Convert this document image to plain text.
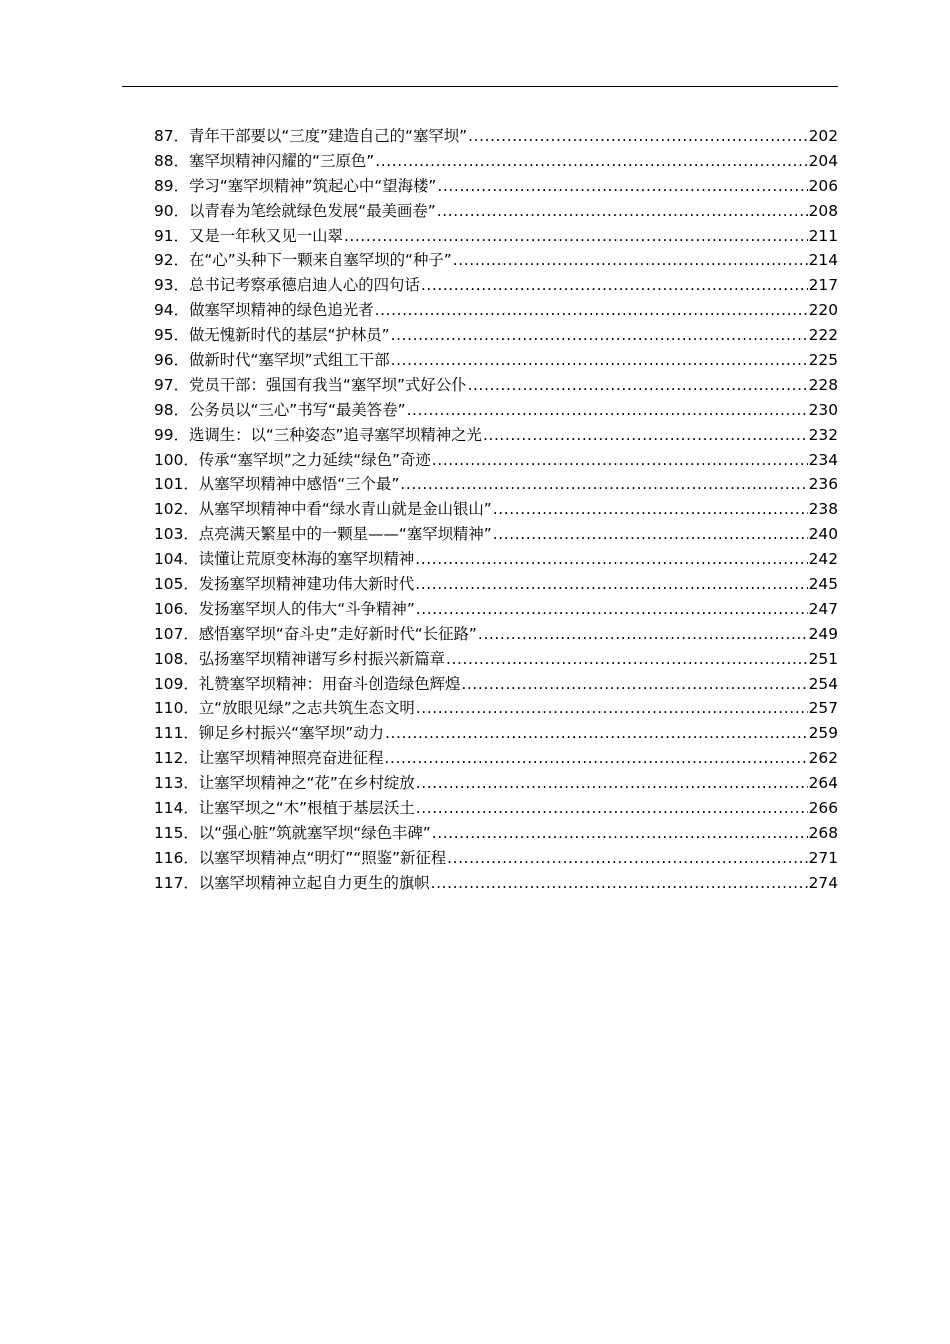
87．青年干部要以“三度”建造自己的“塞罕坝” .....	202
88．塞罕坝精神闪耀的“三原色” .....	204
89．学习“塞罕坝精神”筑起心中“望海楼” .....	206
90．以青春为笔绘就绿色发展“最美画卷” .....	208
91．又是一年秋又见一山翠 .....	211
92．在“心”头种下一颗来自塞罕坝的“种子” .....	214
93．总书记考察承德启迪人心的四句话 .....	217
94．做塞罕坝精神的绿色追光者 .....	220
95．做无愧新时代的基层“护林员” .....	222
96．做新时代“塞罕坝”式组工干部 .....	225
97．党员干部：强国有我当“塞罕坝”式好公仆 .....	228
98．公务员以“三心”书写“最美答卷” .....	230
99．选调生：以“三种姿态”追寻塞罕坝精神之光 .....	232
100．传承“塞罕坝”之力延续“绿色”奇迹 .....	234
101．从塞罕坝精神中感悟“三个最” .....	236
102．从塞罕坝精神中看“绿水青山就是金山银山” .....	238
103．点亮满天繁星中的一颗星——“塞罕坝精神” .....	240
104．读懂让荒原变林海的塞罕坝精神 .....	242
105．发扬塞罕坝精神建功伟大新时代 .....	245
106．发扬塞罕坝人的伟大“斗争精神” .....	247
107．感悟塞罕坝“奋斗史”走好新时代“长征路” .....	249
108．弘扬塞罕坝精神谱写乡村振兴新篇章 .....	251
109．礼赞塞罕坝精神：用奋斗创造绿色辉煌 .....	254
110．立“放眼见绿”之志共筑生态文明 .....	257
111．铆足乡村振兴“塞罕坝”动力 .....	259
112．让塞罕坝精神照亮奋进征程 .....	262
113．让塞罕坝精神之“花”在乡村绽放 .....	264
114．让塞罕坝之“木”根植于基层沃土 .....	266
115．以“强心脏”筑就塞罕坝“绿色丰碑” .....	268
116．以塞罕坝精神点“明灯”“照鉴”新征程 .....	271
117．以塞罕坝精神立起自力更生的旗帜 .....	274
